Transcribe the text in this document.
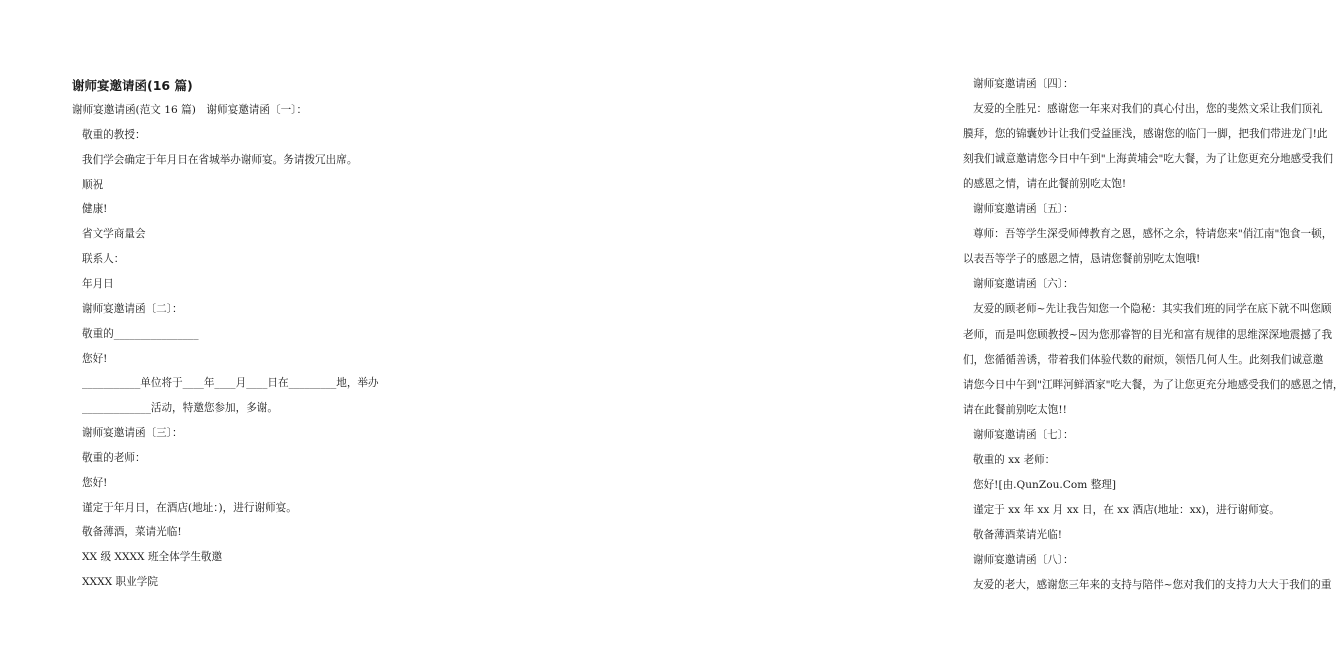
谢师宴邀请函(16 篇)
谢师宴邀请函(范文 16 篇)　谢师宴邀请函〔一〕：
敬重的教授：
我们学会确定于年月日在省城举办谢师宴。务请拨冗出席。
顺祝
健康!
省文学商量会
联系人：
年月日
谢师宴邀请函〔二〕：
敬重的________________
您好!
___________单位将于____年____月____日在_________地，举办
_____________活动，特邀您参加，多谢。
谢师宴邀请函〔三〕：
敬重的老师：
您好!
谨定于年月日，在酒店(地址：)，进行谢师宴。
敬备薄酒，菜请光临!
XX 级 XXXX 班全体学生敬邀
XXXX 职业学院
谢师宴邀请函〔四〕：
友爱的全胜兄：感谢您一年来对我们的真心付出，您的斐然文采让我们顶礼
膜拜，您的锦囊妙计让我们受益匪浅，感谢您的临门一脚，把我们带进龙门!此
刻我们诚意邀请您今日中午到"上海黄埔会"吃大餐，为了让您更充分地感受我们
的感恩之情，请在此餐前别吃太饱!
谢师宴邀请函〔五〕：
尊师：吾等学生深受师傅教育之恩，感怀之余，特请您来"俏江南"饱食一顿，
以表吾等学子的感恩之情，恳请您餐前别吃太饱哦!
谢师宴邀请函〔六〕：
友爱的顾老师~先让我告知您一个隐秘：其实我们班的同学在底下就不叫您顾
老师，而是叫您顾教授~因为您那睿智的目光和富有规律的思维深深地震撼了我
们，您循循善诱，带着我们体验代数的耐烦，领悟几何人生。此刻我们诚意邀
请您今日中午到"江畔河鲜酒家"吃大餐，为了让您更充分地感受我们的感恩之情，
请在此餐前别吃太饱!!
谢师宴邀请函〔七〕：
敬重的 xx 老师：
您好![由.QunZou.Com 整理]
谨定于 xx 年 xx 月 xx 日，在 xx 酒店(地址：xx)，进行谢师宴。
敬备薄酒菜请光临!
谢师宴邀请函〔八〕：
友爱的老大，感谢您三年来的支持与陪伴~您对我们的支持力大大于我们的重
